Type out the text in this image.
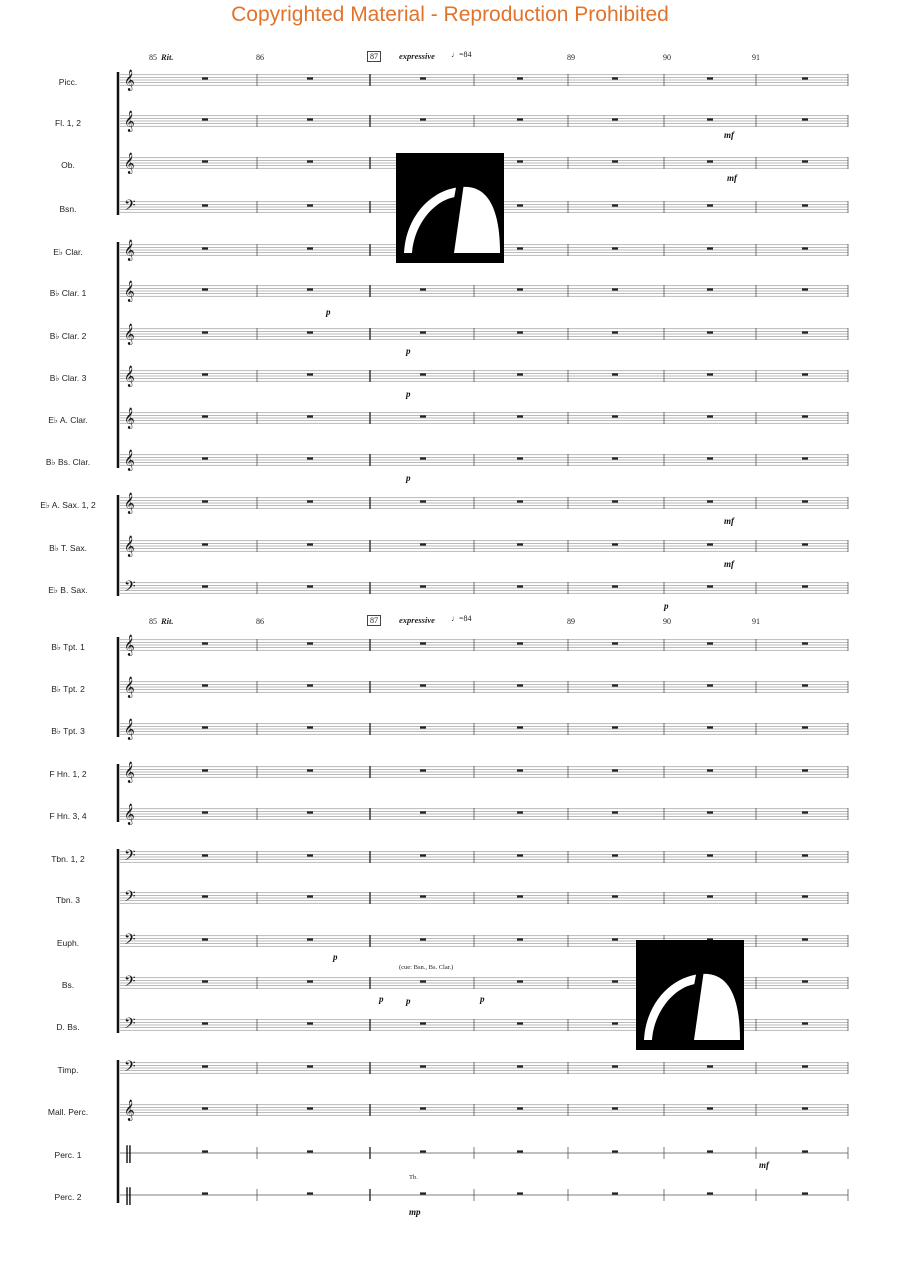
Copyrighted Material - Reproduction Prohibited
Picc.
Fl. 1, 2
Ob.
Bsn.
E♭ Clar.
B♭ Clar. 1
B♭ Clar. 2
B♭ Clar. 3
E♭ A. Clar.
B♭ Bs. Clar.
E♭ A. Sax. 1, 2
B♭ T. Sax.
E♭ B. Sax.
B♭ Tpt. 1
B♭ Tpt. 2
B♭ Tpt. 3
F Hn. 1, 2
F Hn. 3, 4
Tbn. 1, 2
Tbn. 3
Euph.
Bs.
D. Bs.
Timp.
Mall. Perc.
Perc. 1
Perc. 2
85 Rit.	86	87	expressive ♩=84	89	90	91
85 Rit.	86	87	expressive ♩=84	89	90	91
(cue: Bsn., Bs. Clar.)
Tb.
mf
mf
p
p
p
p
mf
mf
p
p
p	p
p
mf
mp
𝄞
𝄞
𝄞
𝄢
𝄞
𝄞
𝄞
𝄞
𝄞
𝄞
𝄞
𝄞
𝄢
𝄞
𝄞
𝄞
𝄞
𝄞
𝄢
𝄢
𝄢
𝄢
𝄢
𝄢
𝄞
‖
‖
